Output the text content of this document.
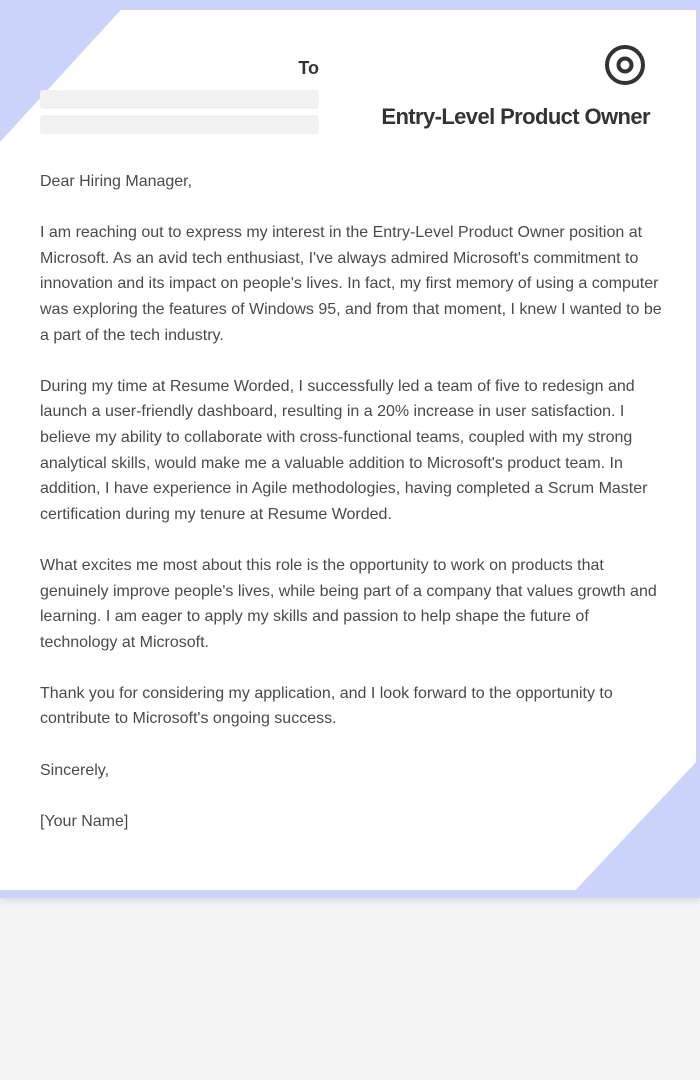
To
Entry-Level Product Owner

Dear Hiring Manager,

I am reaching out to express my interest in the Entry-Level Product Owner position at Microsoft. As an avid tech enthusiast, I've always admired Microsoft's commitment to innovation and its impact on people's lives. In fact, my first memory of using a computer was exploring the features of Windows 95, and from that moment, I knew I wanted to be a part of the tech industry.

During my time at Resume Worded, I successfully led a team of five to redesign and launch a user-friendly dashboard, resulting in a 20% increase in user satisfaction. I believe my ability to collaborate with cross-functional teams, coupled with my strong analytical skills, would make me a valuable addition to Microsoft's product team. In addition, I have experience in Agile methodologies, having completed a Scrum Master certification during my tenure at Resume Worded.

What excites me most about this role is the opportunity to work on products that genuinely improve people's lives, while being part of a company that values growth and learning. I am eager to apply my skills and passion to help shape the future of technology at Microsoft.

Thank you for considering my application, and I look forward to the opportunity to contribute to Microsoft's ongoing success.

Sincerely,

[Your Name]
